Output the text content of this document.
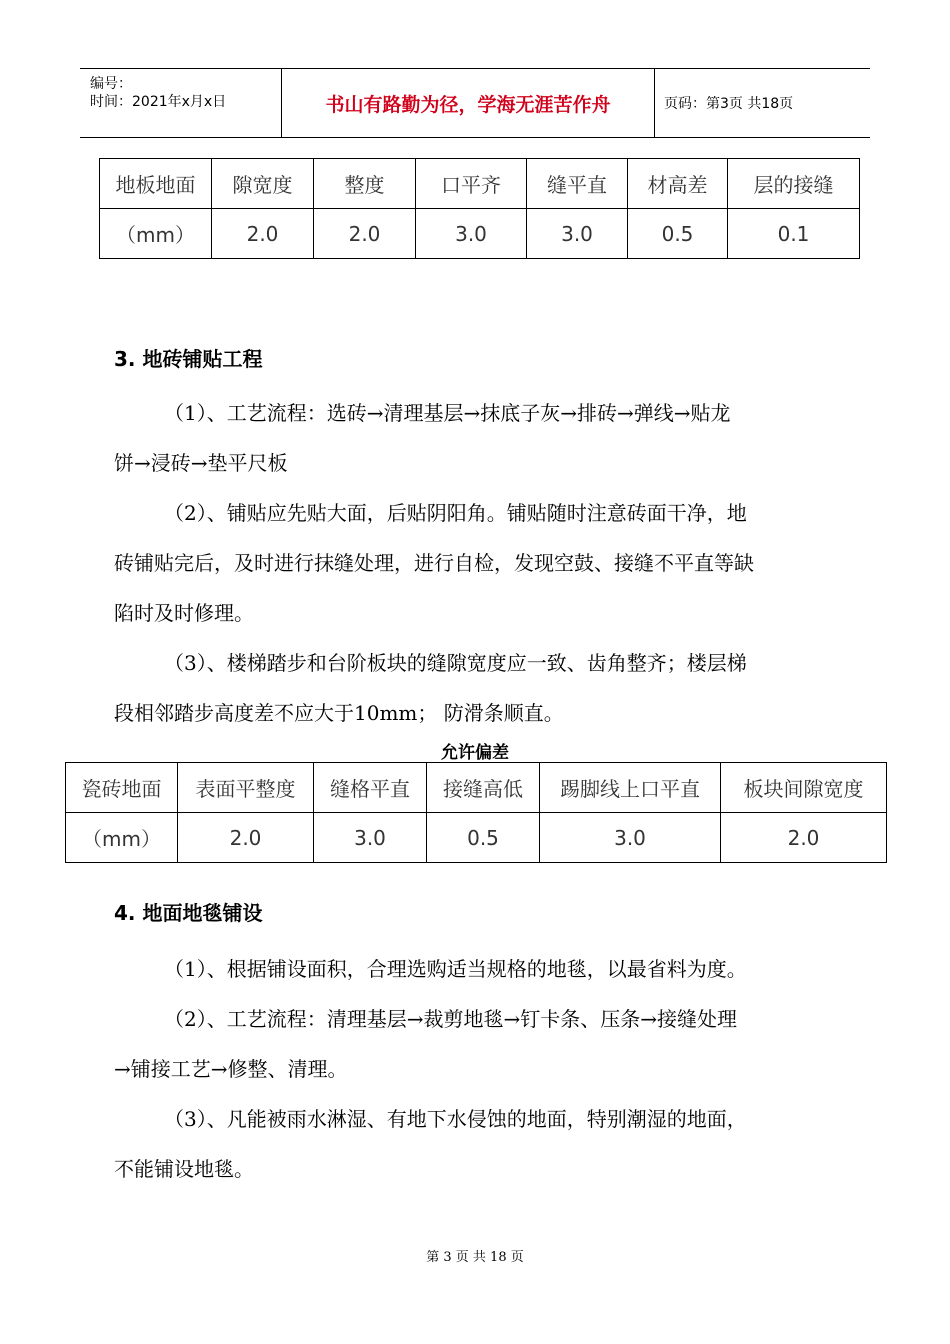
编号：
时间：2021年x月x日	书山有路勤为径，学海无涯苦作舟	页码：第3页 共18页
地板地面	隙宽度	整度	口平齐	缝平直	材高差	层的接缝
（mm）	2.0	2.0	3.0	3.0	0.5	0.1
3. 地砖铺贴工程
（1）、工艺流程：选砖→清理基层→抹底子灰→排砖→弹线→贴龙
饼→浸砖→垫平尺板
（2）、铺贴应先贴大面，后贴阴阳角。铺贴随时注意砖面干净，地
砖铺贴完后，及时进行抹缝处理，进行自检，发现空鼓、接缝不平直等缺
陷时及时修理。
（3）、楼梯踏步和台阶板块的缝隙宽度应一致、齿角整齐；楼层梯
段相邻踏步高度差不应大于10mm； 防滑条顺直。
允许偏差
瓷砖地面	表面平整度	缝格平直	接缝高低	踢脚线上口平直	板块间隙宽度
（mm）	2.0	3.0	0.5	3.0	2.0
4. 地面地毯铺设
（1）、根据铺设面积，合理选购适当规格的地毯，以最省料为度。
（2）、工艺流程：清理基层→裁剪地毯→钉卡条、压条→接缝处理
→铺接工艺→修整、清理。
（3）、凡能被雨水淋湿、有地下水侵蚀的地面，特别潮湿的地面，
不能铺设地毯。
第 3 页 共 18 页
